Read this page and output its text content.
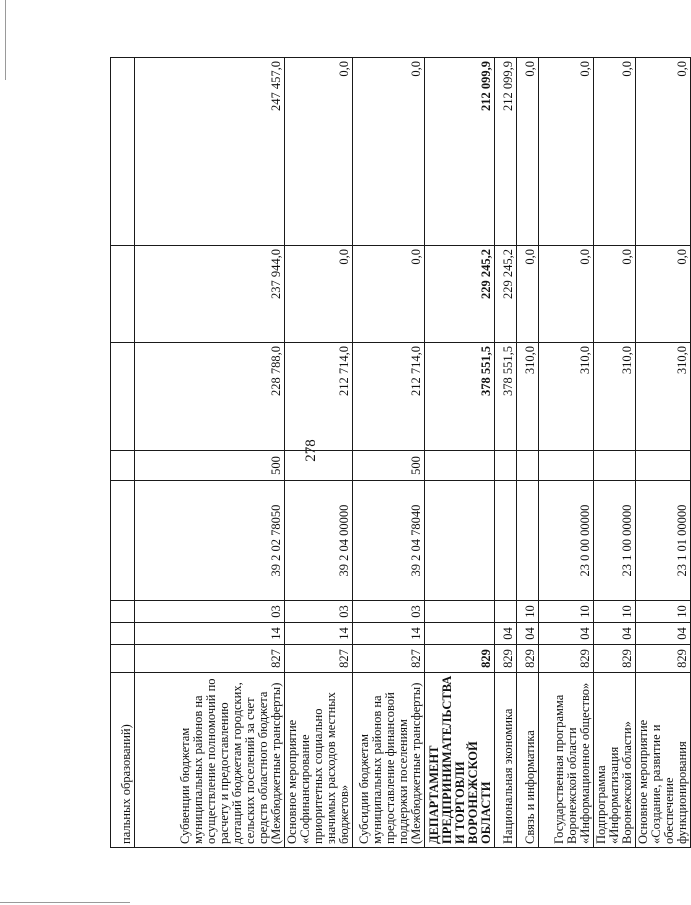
278
пальных образований)								
Субвенции бюджетам муниципальных районов на осуществление полномочий по расчету и предоставлению дотаций бюджетам городских, сельских поселений за счет средств областного бюджета (Межбюджетные трансферты)	827	14	03	39 2 02 78050	500	228 788,0	237 944,0	247 457,0
Основное мероприятие «Софинансирование приоритетных социально значимых расходов местных бюджетов»	827	14	03	39 2 04 00000		212 714,0	0,0	0,0
Субсидии бюджетам муниципальных районов на предоставление финансовой поддержки поселениям (Межбюджетные трансферты)	827	14	03	39 2 04 78040	500	212 714,0	0,0	0,0
ДЕПАРТАМЕНТ ПРЕДПРИНИМАТЕЛЬСТВА И ТОРГОВЛИ ВОРОНЕЖСКОЙ ОБЛАСТИ	829					378 551,5	229 245,2	212 099,9
Национальная экономика	829	04				378 551,5	229 245,2	212 099,9
Связь и информатика	829	04	10			310,0	0,0	0,0
Государственная программа Воронежской области «Информационное общество»	829	04	10	23 0 00 00000		310,0	0,0	0,0
Подпрограмма «Информатизация Воронежской области»	829	04	10	23 1 00 00000		310,0	0,0	0,0
Основное мероприятие «Создание, развитие и обеспечение функционирования	829	04	10	23 1 01 00000		310,0	0,0	0,0
